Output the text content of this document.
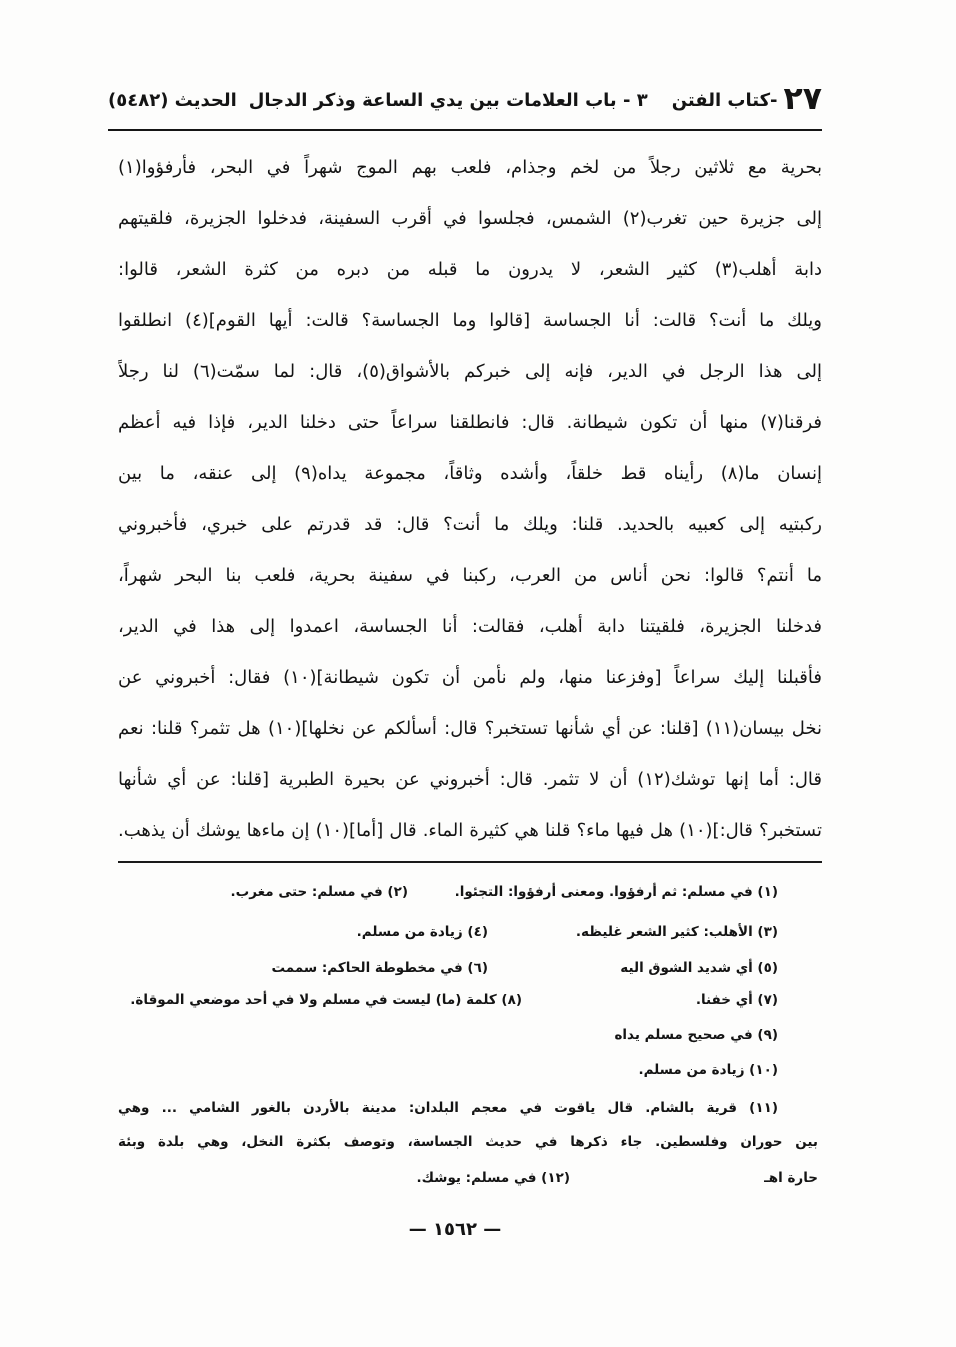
٢٧
-كتاب الفتن
٣ - باب العلامات بين يدي الساعة وذكر الدجال
الحديث (٥٤٨٢)
بحرية مع ثلاثين رجلاً من لخم وجذام، فلعب بهم الموج شهراً في البحر، فأرفؤوا(١)
إلى جزيرة حين تغرب(٢) الشمس، فجلسوا في أقرب السفينة، فدخلوا الجزيرة، فلقيتهم
دابة أهلب(٣) كثير الشعر، لا يدرون ما قبله من دبره من كثرة الشعر، قالوا:
ويلك ما أنت؟ قالت: أنا الجساسة [قالوا وما الجساسة؟ قالت: أيها القوم](٤) انطلقوا
إلى هذا الرجل في الدير، فإنه إلى خبركم بالأشواق(٥)، قال: لما سمّت(٦) لنا رجلاً
فرقنا(٧) منها أن تكون شيطانة. قال: فانطلقنا سراعاً حتى دخلنا الدير، فإذا فيه أعظم
إنسان ما(٨) رأيناه قط خلقاً، وأشده وثاقاً، مجموعة يداه(٩) إلى عنقه، ما بين
ركبتيه إلى كعبيه بالحديد. قلنا: ويلك ما أنت؟ قال: قد قدرتم على خبري، فأخبروني
ما أنتم؟ قالوا: نحن أناس من العرب، ركبنا في سفينة بحرية، فلعب بنا البحر شهراً،
فدخلنا الجزيرة، فلقيتنا دابة أهلب، فقالت: أنا الجساسة، اعمدوا إلى هذا في الدير،
فأقبلنا إليك سراعاً [وفزعنا منها، ولم نأمن أن تكون شيطانة](١٠) فقال: أخبروني عن
نخل بيسان(١١) [قلنا: عن أي شأنها تستخبر؟ قال: أسألكم عن نخلها](١٠) هل تثمر؟ قلنا: نعم
قال: أما إنها توشك(١٢) أن لا تثمر. قال: أخبروني عن بحيرة الطبرية [قلنا: عن أي شأنها
تستخبر؟ قال:](١٠) هل فيها ماء؟ قلنا هي كثيرة الماء. قال [أما](١٠) إن ماءها يوشك أن يذهب.
(١) في مسلم: ثم أرفؤوا. ومعنى أرفؤوا: التجئوا.
(٢) في مسلم: حتى مغرب.
(٣) الأهلب: كثير الشعر غليظه.
(٤) زيادة من مسلم.
(٥) أي شديد الشوق اليه
(٦) في مخطوطة الحاكم: سممت
(٧) أي خفنا.
(٨) كلمة (ما) ليست في مسلم ولا في أحد موضعي الموقاة.
(٩) في صحيح مسلم يداه
(١٠) زيادة من مسلم.
(١١) قرية بالشام. قال ياقوت في معجم البلدان: مدينة بالأردن بالغور الشامي ... وهي
بين حوران وفلسطين. جاء ذكرها في حديث الجساسة، وتوصف بكثرة النخل، وهي بلدة وبئة
حارة اهـ
(١٢) في مسلم: يوشك.
— ١٥٦٢ —
